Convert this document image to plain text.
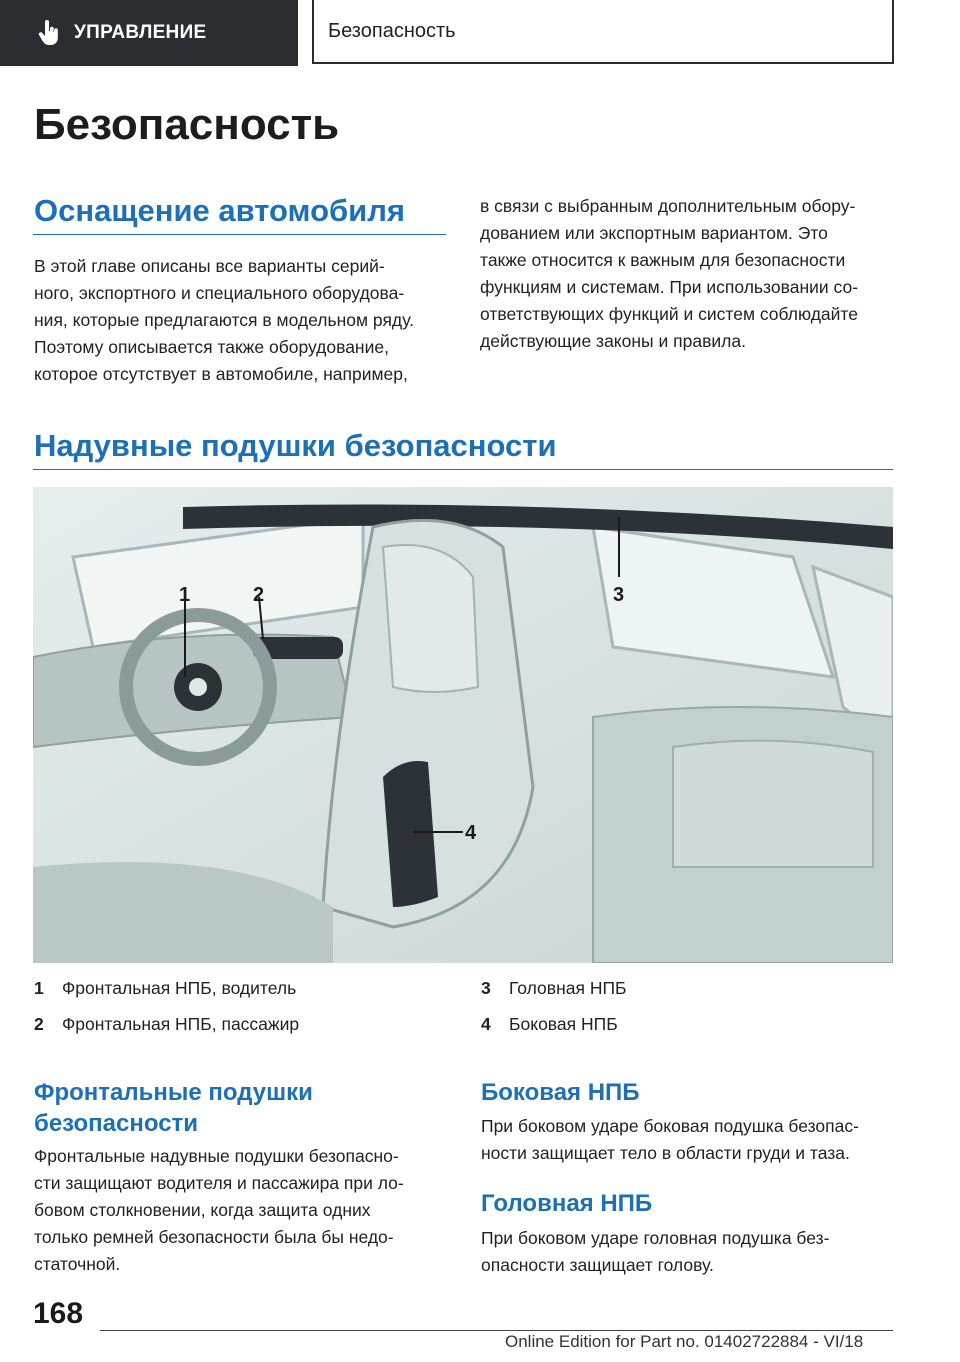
УПРАВЛЕНИЕ	Безопасность
Безопасность
Оснащение автомобиля
В этой главе описаны все варианты серий-
ного, экспортного и специального оборудова-
ния, которые предлагаются в модельном ряду.
Поэтому описывается также оборудование,
которое отсутствует в автомобиле, например,
в связи с выбранным дополнительным обору-
дованием или экспортным вариантом. Это
также относится к важным для безопасности
функциям и системам. При использовании со-
ответствующих функций и систем соблюдайте
действующие законы и правила.
Надувные подушки безопасности
1	2	3
4
1	Фронтальная НПБ, водитель
2	Фронтальная НПБ, пассажир
3	Головная НПБ
4	Боковая НПБ
Фронтальные подушки
безопасности
Фронтальные надувные подушки безопасно-
сти защищают водителя и пассажира при ло-
бовом столкновении, когда защита одних
только ремней безопасности была бы недо-
статочной.
Боковая НПБ
При боковом ударе боковая подушка безопас-
ности защищает тело в области груди и таза.
Головная НПБ
При боковом ударе головная подушка без-
опасности защищает голову.
168
Online Edition for Part no. 01402722884 - VI/18
